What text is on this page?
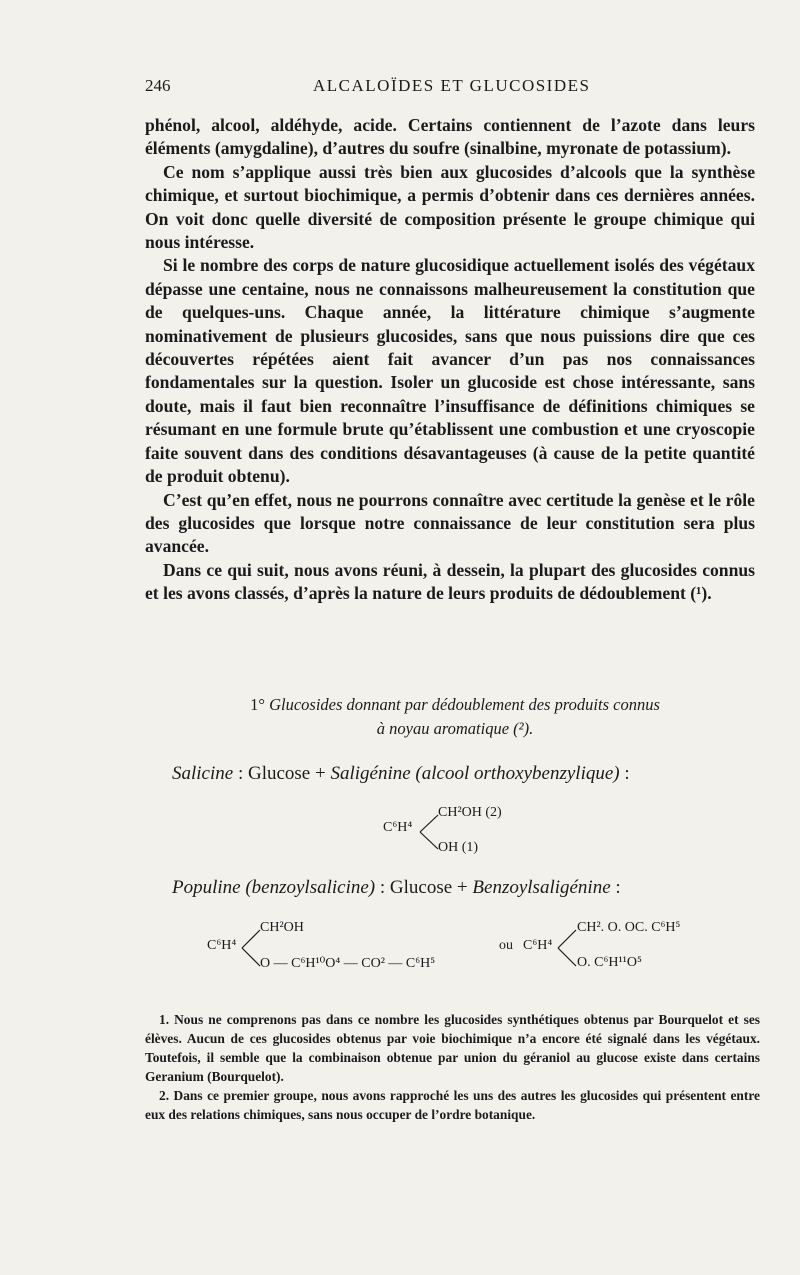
246	ALCALOÏDES ET GLUCOSIDES

phénol, alcool, aldéhyde, acide. Certains contiennent de l’azote dans leurs éléments (amygdaline), d’autres du soufre (sinalbine, myronate de potassium).

Ce nom s’applique aussi très bien aux glucosides d’alcools que la synthèse chimique, et surtout biochimique, a permis d’obtenir dans ces dernières années. On voit donc quelle diversité de composition présente le groupe chimique qui nous intéresse.

Si le nombre des corps de nature glucosidique actuellement isolés des végétaux dépasse une centaine, nous ne connaissons malheureusement la constitution que de quelques-uns. Chaque année, la littérature chimique s’augmente nominativement de plusieurs glucosides, sans que nous puissions dire que ces découvertes répétées aient fait avancer d’un pas nos connaissances fondamentales sur la question. Isoler un glucoside est chose intéressante, sans doute, mais il faut bien reconnaître l’insuffisance de définitions chimiques se résumant en une formule brute qu’établissent une combustion et une cryoscopie faite souvent dans des conditions désavantageuses (à cause de la petite quantité de produit obtenu).

C’est qu’en effet, nous ne pourrons connaître avec certitude la genèse et le rôle des glucosides que lorsque notre connaissance de leur constitution sera plus avancée.

Dans ce qui suit, nous avons réuni, à dessein, la plupart des glucosides connus et les avons classés, d’après la nature de leurs produits de dédoublement (¹).

1° Glucosides donnant par dédoublement des produits connus
à noyau aromatique (²).
Salicine : Glucose + Saligénine (alcool orthoxybenzylique) :
C⁶H⁴
CH²OH (2)
OH (1)
Populine (benzoylsalicine) : Glucose + Benzoylsaligénine :
C⁶H⁴
CH²OH
O — C⁶H¹⁰O⁴ — CO² — C⁶H⁵
ou C⁶H⁴
CH². O. OC. C⁶H⁵
O. C⁶H¹¹O⁵

1. Nous ne comprenons pas dans ce nombre les glucosides synthétiques obtenus par Bourquelot et ses élèves. Aucun de ces glucosides obtenus par voie biochimique n’a encore été signalé dans les végétaux. Toutefois, il semble que la combinaison obtenue par union du géraniol au glucose existe dans certains Geranium (Bourquelot).

2. Dans ce premier groupe, nous avons rapproché les uns des autres les glucosides qui présentent entre eux des relations chimiques, sans nous occuper de l’ordre botanique.
